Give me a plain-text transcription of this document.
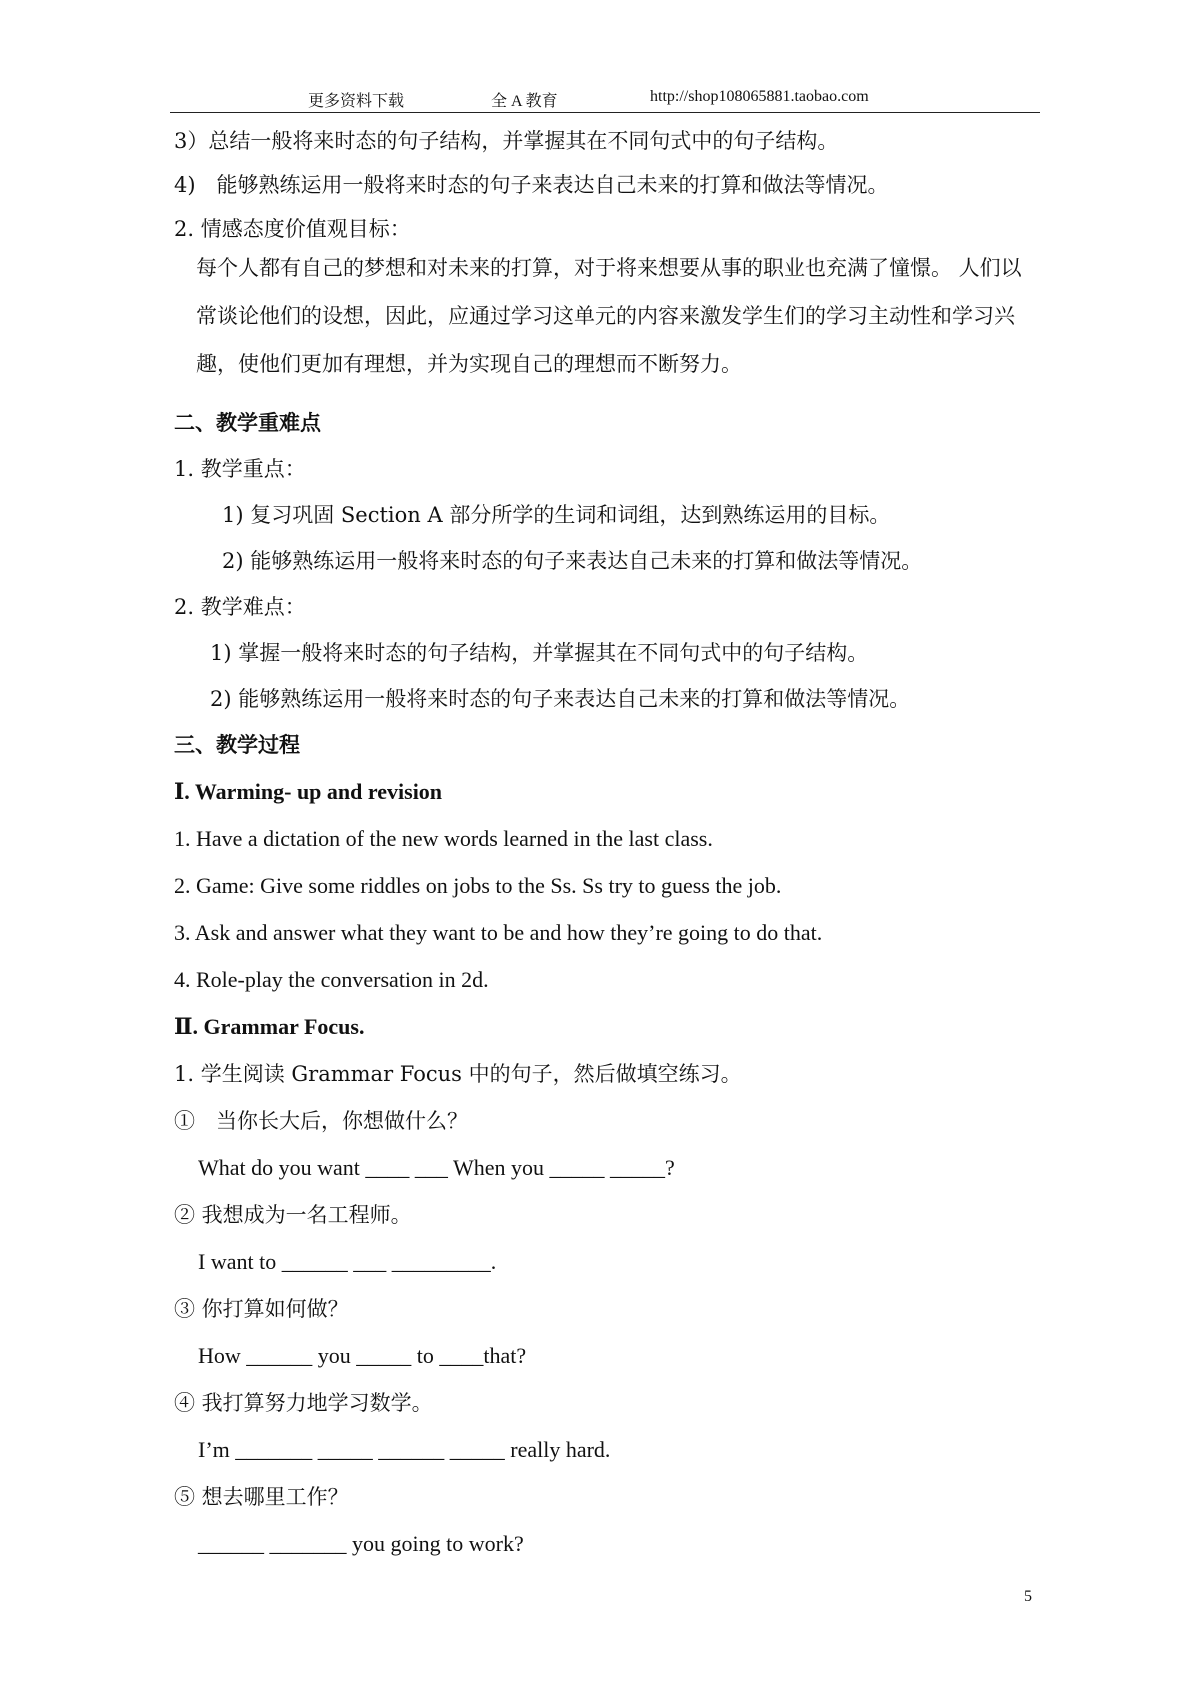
更多资料下载	全 A 教育	http://shop108065881.taobao.com
3）总结一般将来时态的句子结构，并掌握其在不同句式中的句子结构。
4)　能够熟练运用一般将来时态的句子来表达自己未来的打算和做法等情况。
2. 情感态度价值观目标：
每个人都有自己的梦想和对未来的打算，对于将来想要从事的职业也充满了憧憬。 人们以常谈论他们的设想，因此，应通过学习这单元的内容来激发学生们的学习主动性和学习兴趣，使他们更加有理想，并为实现自己的理想而不断努力。
二、教学重难点
1. 教学重点：
1) 复习巩固 Section A 部分所学的生词和词组，达到熟练运用的目标。
2) 能够熟练运用一般将来时态的句子来表达自己未来的打算和做法等情况。
2. 教学难点：
1) 掌握一般将来时态的句子结构，并掌握其在不同句式中的句子结构。
2) 能够熟练运用一般将来时态的句子来表达自己未来的打算和做法等情况。
三、教学过程
Ⅰ. Warming- up and revision
1. Have a dictation of the new words learned in the last class.
2. Game: Give some riddles on jobs to the Ss. Ss try to guess the job.
3. Ask and answer what they want to be and how they’re going to do that.
4. Role-play the conversation in 2d.
Ⅱ. Grammar Focus.
1. 学生阅读 Grammar Focus 中的句子，然后做填空练习。
①　当你长大后，你想做什么？
What do you want ____ ___ When you _____ _____?
② 我想成为一名工程师。
I want to ______ ___ _________.
③ 你打算如何做？
How ______ you _____ to ____that?
④ 我打算努力地学习数学。
I’m _______ _____ ______ _____ really hard.
⑤ 想去哪里工作？
______ _______ you going to work?
5
